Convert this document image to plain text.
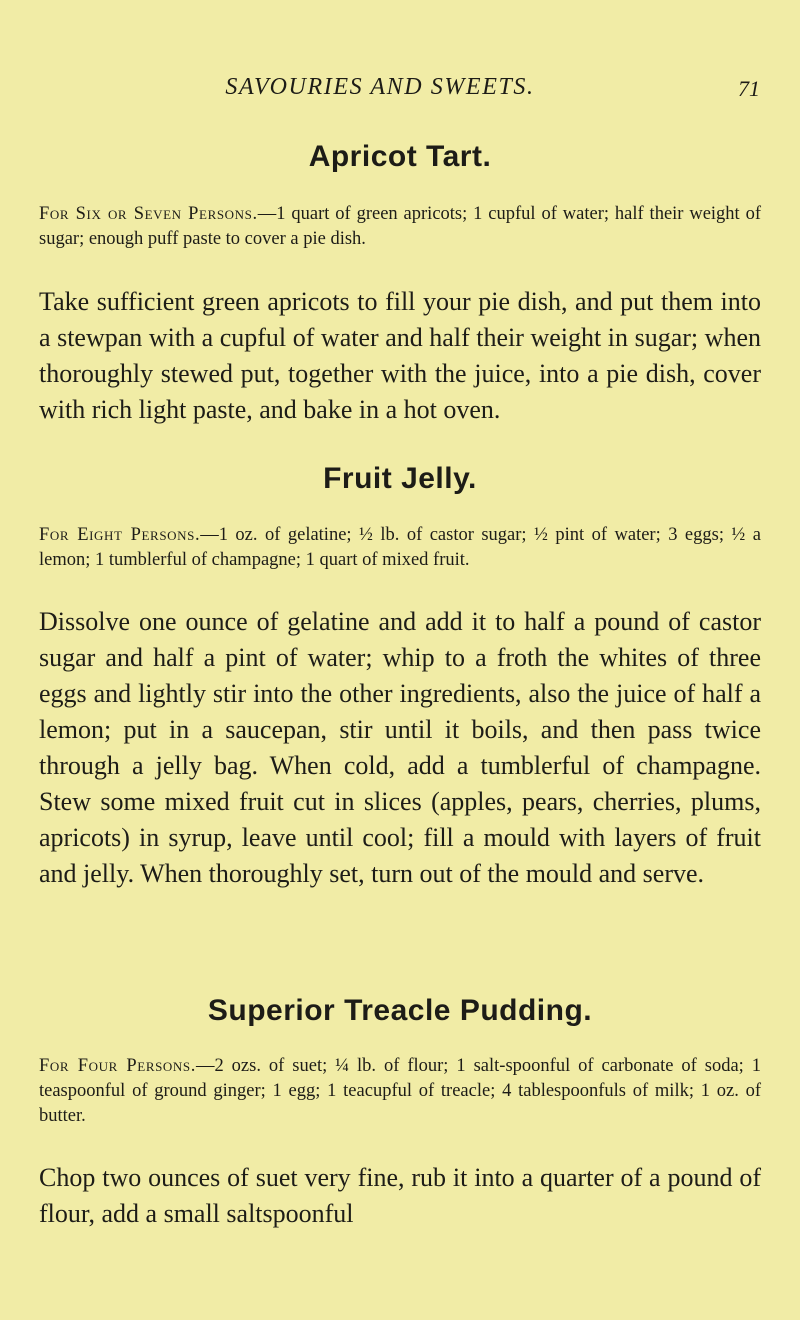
SAVOURIES AND SWEETS.	71
Apricot Tart.

For Six or Seven Persons.—1 quart of green apricots; 1 cupful of water; half their weight of sugar; enough puff paste to cover a pie dish.

Take sufficient green apricots to fill your pie dish, and put them into a stewpan with a cupful of water and half their weight in sugar; when thoroughly stewed put, together with the juice, into a pie dish, cover with rich light paste, and bake in a hot oven.

Fruit Jelly.

For Eight Persons.—1 oz. of gelatine; ½ lb. of castor sugar; ½ pint of water; 3 eggs; ½ a lemon; 1 tumblerful of champagne; 1 quart of mixed fruit.

Dissolve one ounce of gelatine and add it to half a pound of castor sugar and half a pint of water; whip to a froth the whites of three eggs and lightly stir into the other ingredients, also the juice of half a lemon; put in a saucepan, stir until it boils, and then pass twice through a jelly bag. When cold, add a tumblerful of champagne. Stew some mixed fruit cut in slices (apples, pears, cherries, plums, apricots) in syrup, leave until cool; fill a mould with layers of fruit and jelly. When thoroughly set, turn out of the mould and serve.

Superior Treacle Pudding.

For Four Persons.—2 ozs. of suet; ¼ lb. of flour; 1 salt-spoonful of carbonate of soda; 1 teaspoonful of ground ginger; 1 egg; 1 teacupful of treacle; 4 tablespoonfuls of milk; 1 oz. of butter.

Chop two ounces of suet very fine, rub it into a quarter of a pound of flour, add a small saltspoonful
